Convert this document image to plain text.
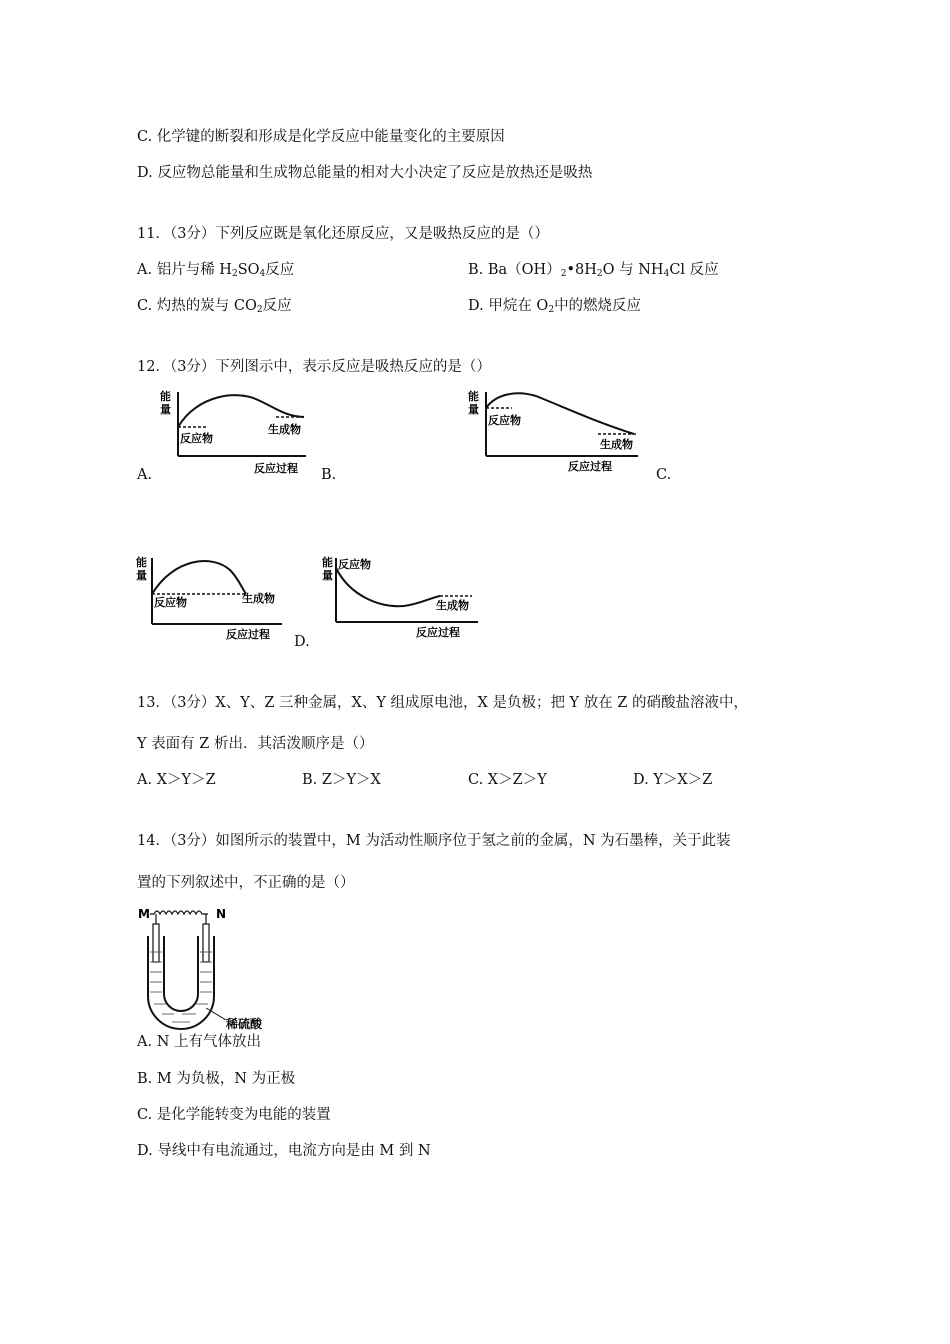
C. 化学键的断裂和形成是化学反应中能量变化的主要原因
D. 反应物总能量和生成物总能量的相对大小决定了反应是放热还是吸热
11．（3分）下列反应既是氧化还原反应，又是吸热反应的是（）
A. 铝片与稀 $H_2SO_4$反应	B. $Ba(OH)_2•8H_2O$ 与 $NH_4Cl$ 反应
C. 灼热的炭与 $CO_2$反应	D. 甲烷在 $O_2$中的燃烧反应
12．（3分）下列图示中，表示反应是吸热反应的是（）
A.
能
量
反应物
生成物
反应过程 B.
能
量
反应物
生成物
反应过程
C.
能
量
反应物	生成物
反应过程 D.
能
量
反应物
生成物
反应过程
13．（3分）X、Y、Z 三种金属，X、Y 组成原电池，X 是负极；把 Y 放在 Z 的硝酸盐溶液中，
Y 表面有 Z 析出．其活泼顺序是（）
A. X＞Y＞Z	B. Z＞Y＞X	C. X＞Z＞Y	D. Y＞X＞Z
14．（3分）如图所示的装置中，M 为活动性顺序位于氢之前的金属，N 为石墨棒，关于此装
置的下列叙述中，不正确的是（）
M	N
稀硫酸
A. N 上有气体放出
B. M 为负极，N 为正极
C. 是化学能转变为电能的装置
D. 导线中有电流通过，电流方向是由 M 到 N
